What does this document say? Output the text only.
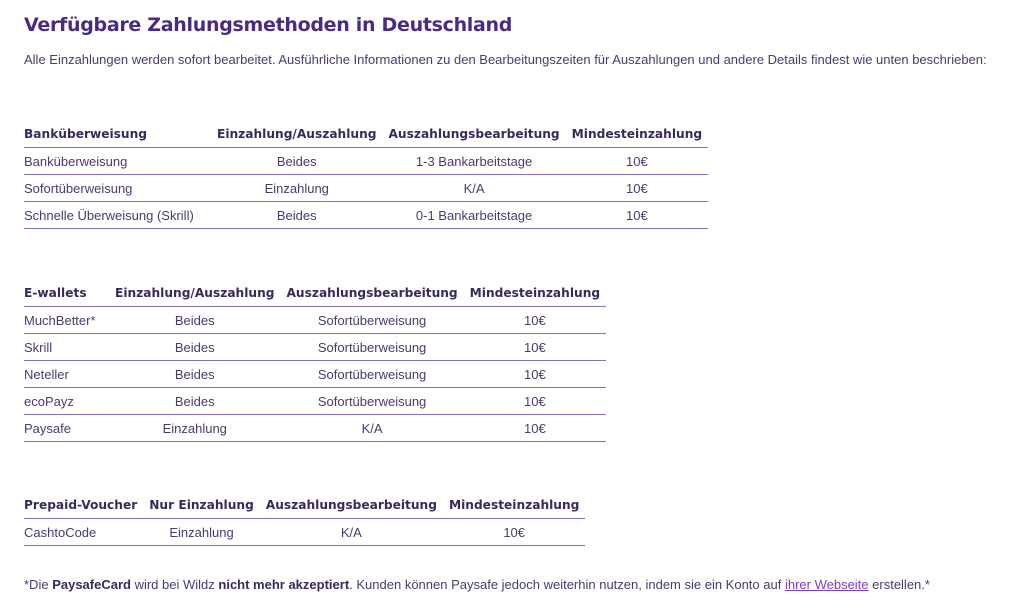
Verfügbare Zahlungsmethoden in Deutschland

Alle Einzahlungen werden sofort bearbeitet. Ausführliche Informationen zu den Bearbeitungszeiten für Auszahlungen und andere Details findest wie unten beschrieben:

Banküberweisung	Einzahlung/Auszahlung	Auszahlungsbearbeitung	Mindesteinzahlung
Banküberweisung	Beides	1-3 Bankarbeitstage	10€
Sofortüberweisung	Einzahlung	K/A	10€
Schnelle Überweisung (Skrill)	Beides	0-1 Bankarbeitstage	10€
E-wallets	Einzahlung/Auszahlung	Auszahlungsbearbeitung	Mindesteinzahlung
MuchBetter*	Beides	Sofortüberweisung	10€
Skrill	Beides	Sofortüberweisung	10€
Neteller	Beides	Sofortüberweisung	10€
ecoPayz	Beides	Sofortüberweisung	10€
Paysafe	Einzahlung	K/A	10€
Prepaid-Voucher	Nur Einzahlung	Auszahlungsbearbeitung	Mindesteinzahlung
CashtoCode	Einzahlung	K/A	10€

*Die PaysafeCard wird bei Wildz nicht mehr akzeptiert. Kunden können Paysafe jedoch weiterhin nutzen, indem sie ein Konto auf ihrer Webseite erstellen.*
